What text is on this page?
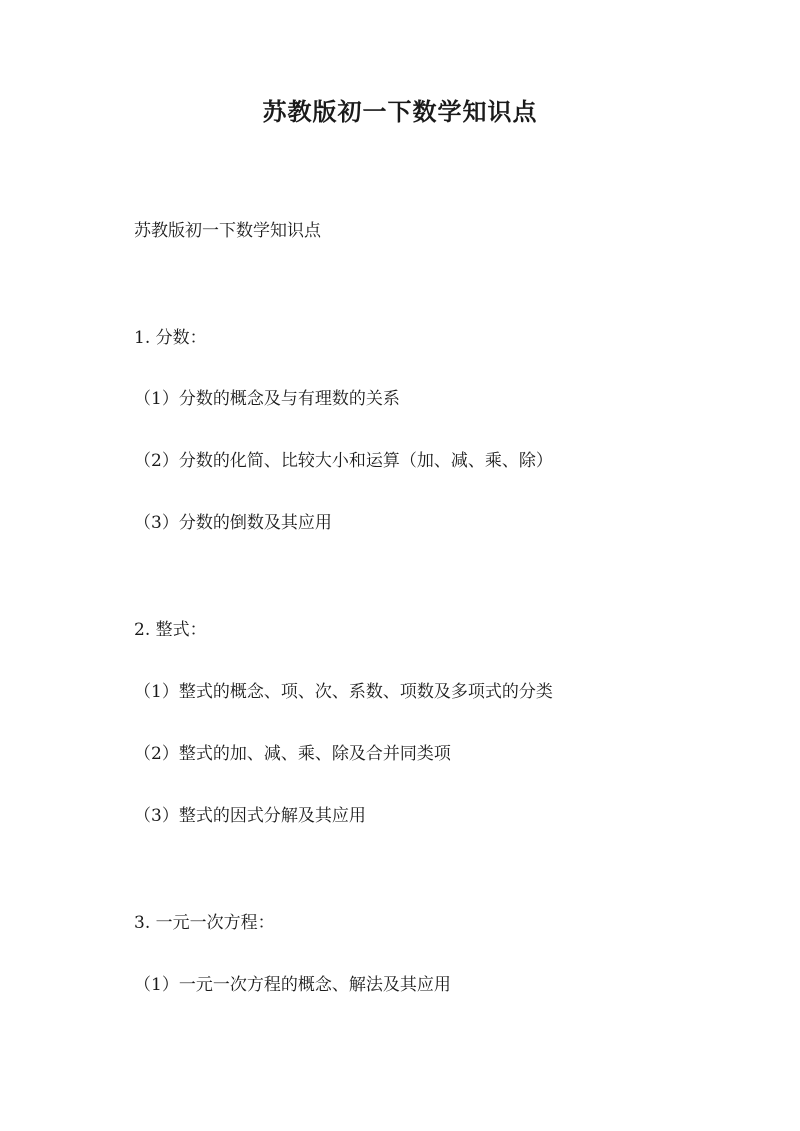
苏教版初一下数学知识点
苏教版初一下数学知识点
1. 分数：
（1）分数的概念及与有理数的关系
（2）分数的化简、比较大小和运算（加、减、乘、除）
（3）分数的倒数及其应用
2. 整式：
（1）整式的概念、项、次、系数、项数及多项式的分类
（2）整式的加、减、乘、除及合并同类项
（3）整式的因式分解及其应用
3. 一元一次方程：
（1）一元一次方程的概念、解法及其应用
